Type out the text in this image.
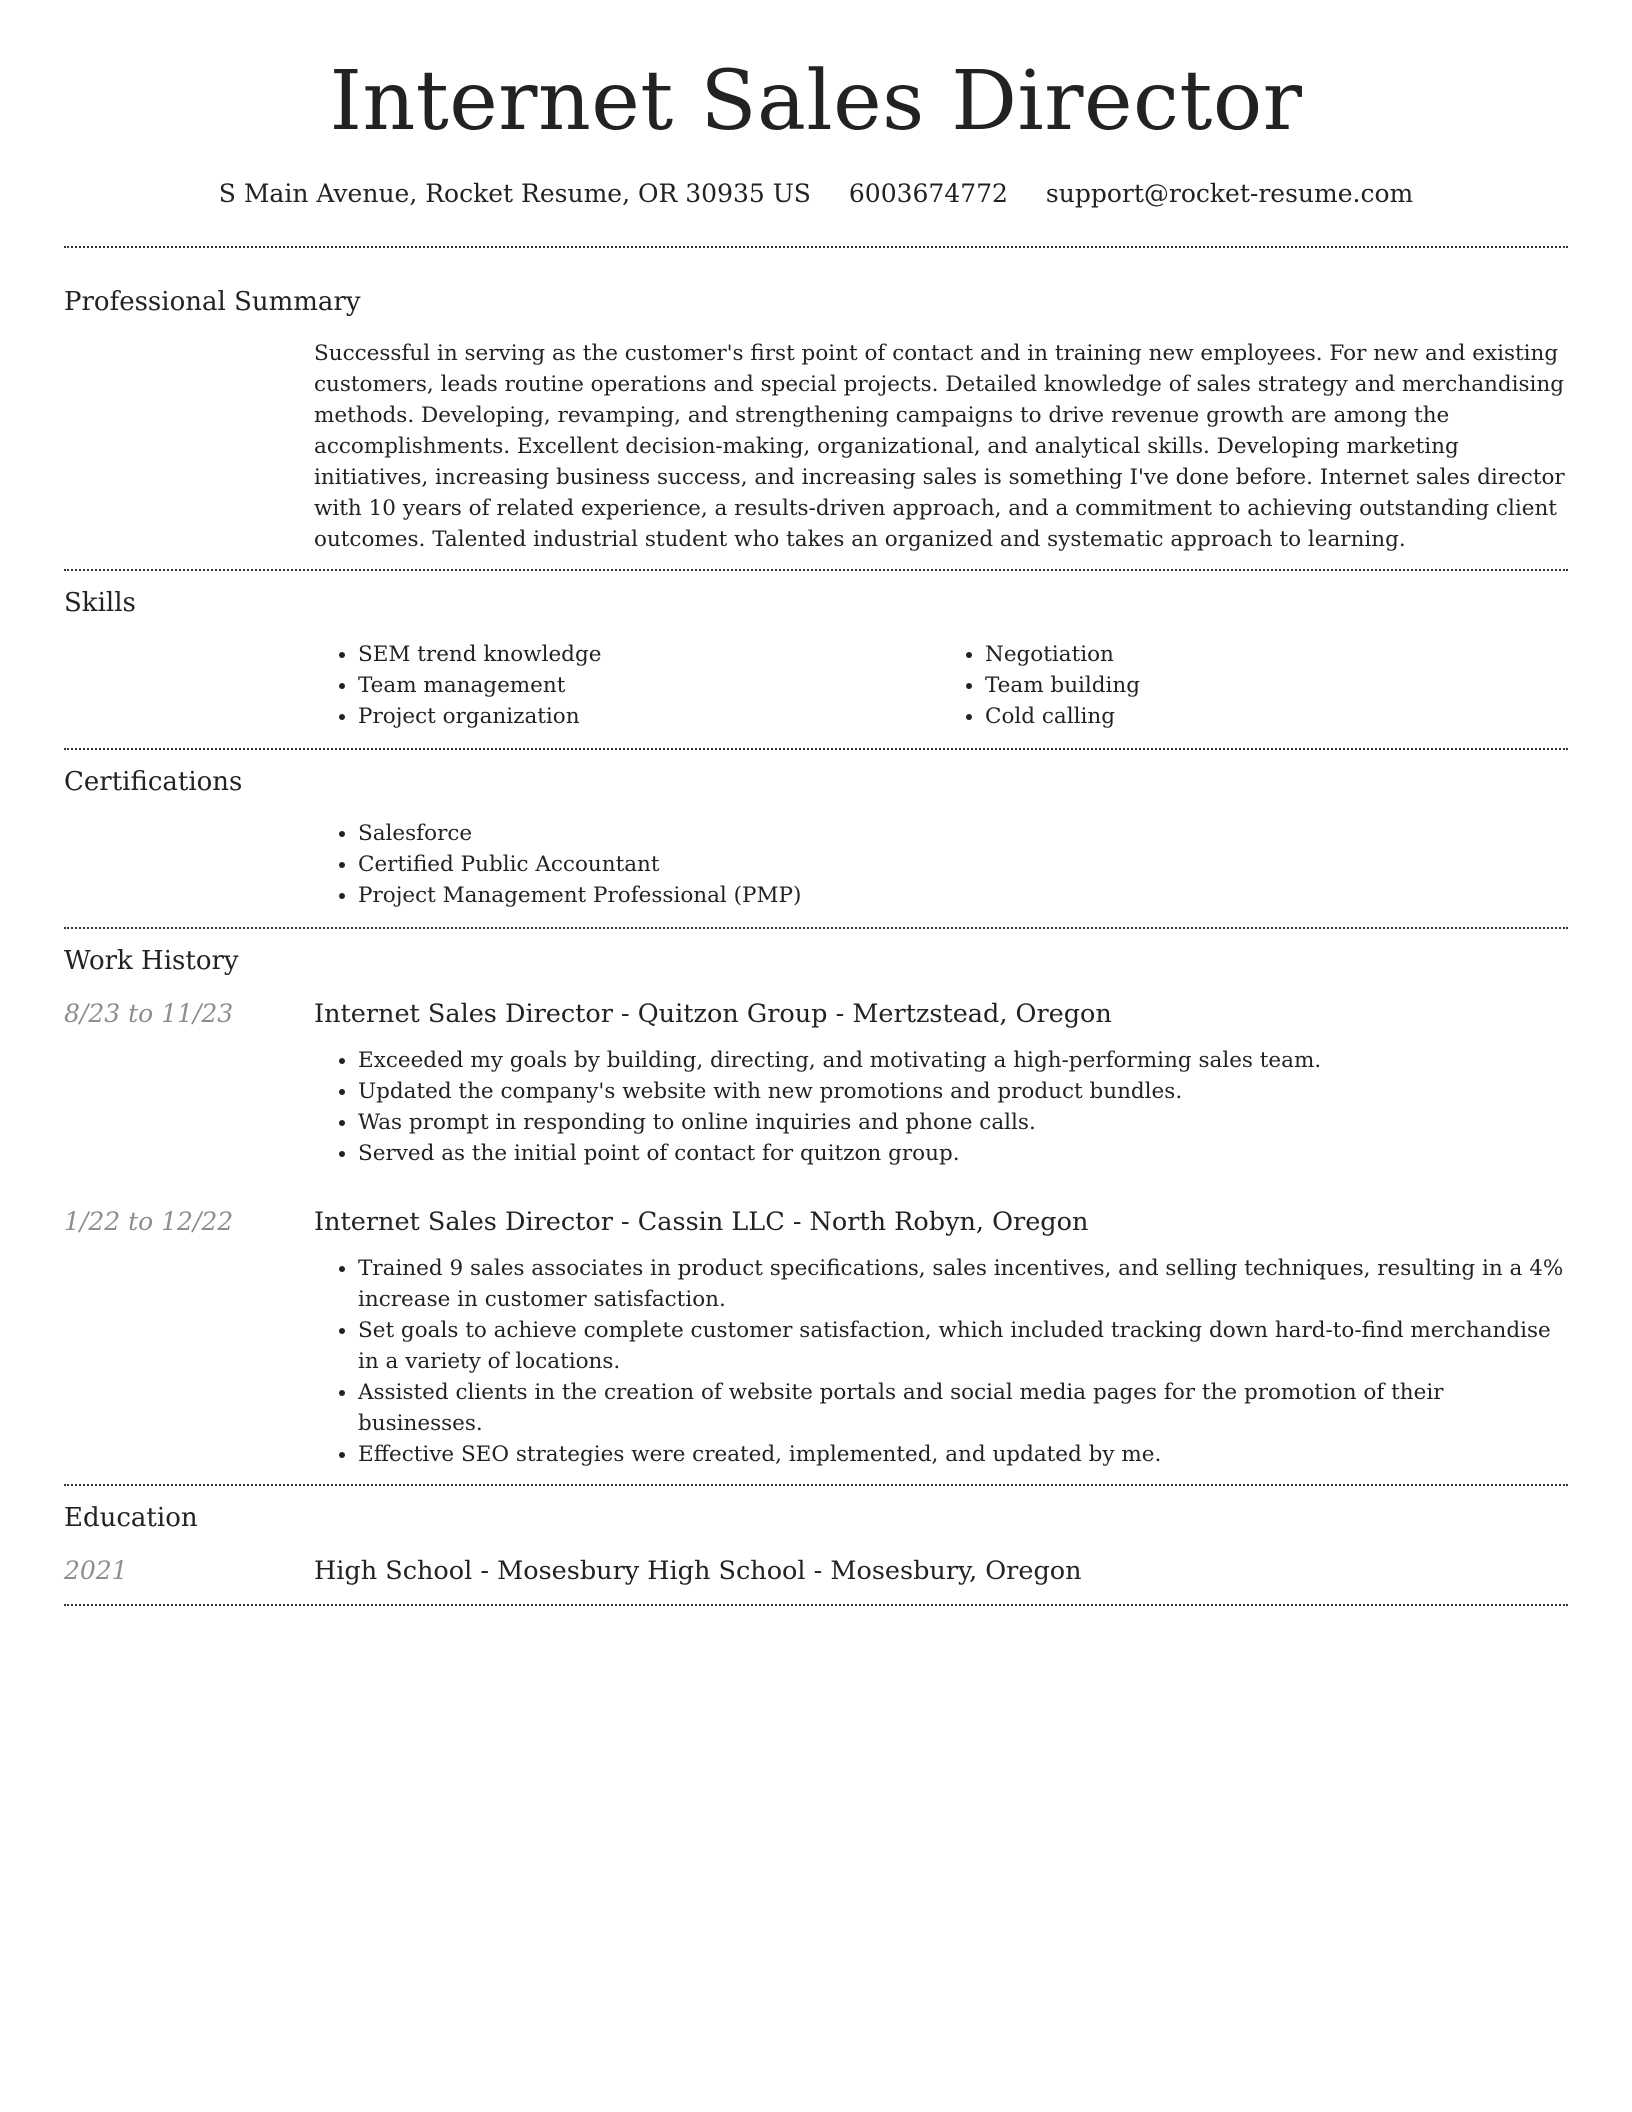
Internet Sales Director
S Main Avenue, Rocket Resume, OR 30935 US 6003674772 support@rocket-resume.com
Professional Summary

Successful in serving as the customer's first point of contact and in training new employees. For new and existing customers, leads routine operations and special projects. Detailed knowledge of sales strategy and merchandising methods. Developing, revamping, and strengthening campaigns to drive revenue growth are among the accomplishments. Excellent decision-making, organizational, and analytical skills. Developing marketing initiatives, increasing business success, and increasing sales is something I've done before. Internet sales director with 10 years of related experience, a results-driven approach, and a commitment to achieving outstanding client outcomes. Talented industrial student who takes an organized and systematic approach to learning.

Skills
• SEM trend knowledge
• Team management
• Project organization
• Negotiation
• Team building
• Cold calling
Certifications
• Salesforce
• Certified Public Accountant
• Project Management Professional (PMP)
Work History
8/23 to 11/23	Internet Sales Director - Quitzon Group - Mertzstead, Oregon
• Exceeded my goals by building, directing, and motivating a high-performing sales team.
• Updated the company's website with new promotions and product bundles.
• Was prompt in responding to online inquiries and phone calls.
• Served as the initial point of contact for quitzon group.
1/22 to 12/22	Internet Sales Director - Cassin LLC - North Robyn, Oregon
• Trained 9 sales associates in product specifications, sales incentives, and selling techniques, resulting in a 4% increase in customer satisfaction.
• Set goals to achieve complete customer satisfaction, which included tracking down hard-to-find merchandise in a variety of locations.
• Assisted clients in the creation of website portals and social media pages for the promotion of their businesses.
• Effective SEO strategies were created, implemented, and updated by me.
Education
2021	High School - Mosesbury High School - Mosesbury, Oregon
